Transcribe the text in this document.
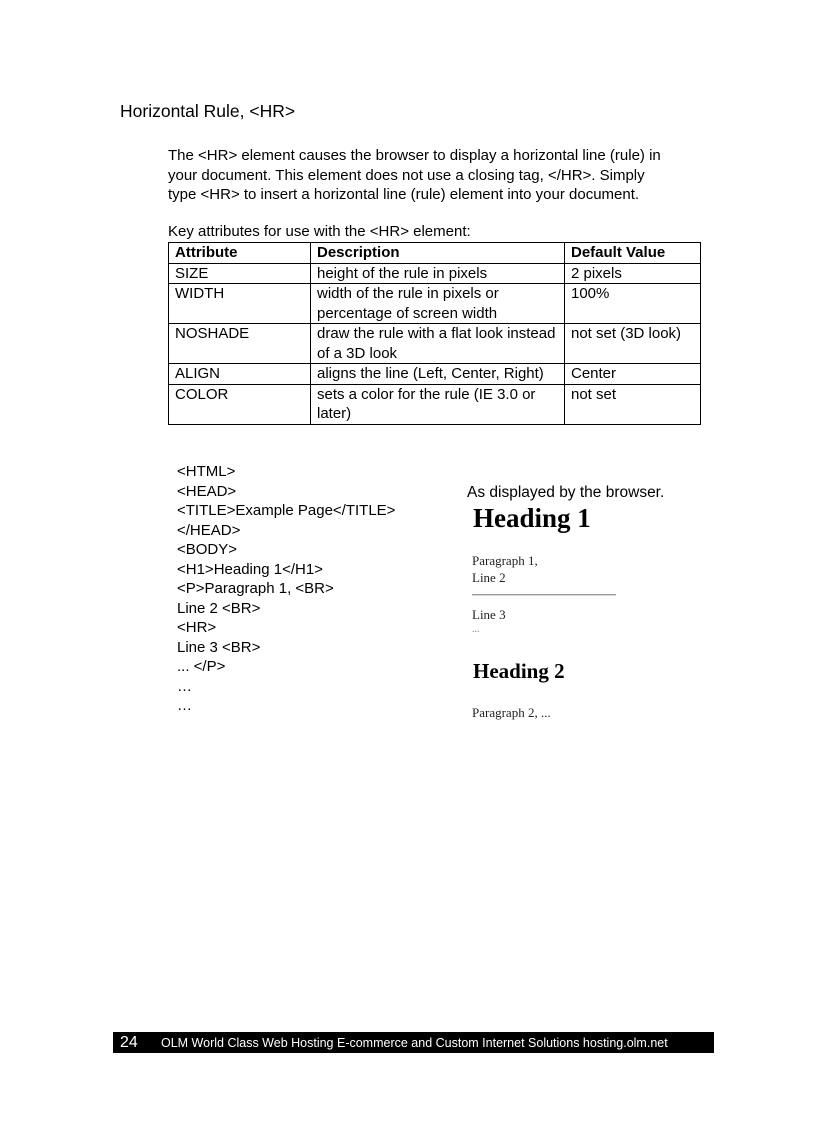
Horizontal Rule, <HR>
The <HR> element causes the browser to display a horizontal line (rule) in
your document. This element does not use a closing tag, </HR>. Simply
type <HR> to insert a horizontal line (rule) element into your document.
Key attributes for use with the <HR> element:
Attribute	Description	Default Value
SIZE	height of the rule in pixels	2 pixels
WIDTH	width of the rule in pixels or percentage of screen width	100%
NOSHADE	draw the rule with a flat look instead of a 3D look	not set (3D look)
ALIGN	aligns the line (Left, Center, Right)	Center
COLOR	sets a color for the rule (IE 3.0 or later)	not set
<HTML>
<HEAD>
<TITLE>Example Page</TITLE>
</HEAD>
<BODY>
<H1>Heading 1</H1>
<P>Paragraph 1, <BR>
Line 2 <BR>
<HR>
Line 3 <BR>
... </P>
…
…
As displayed by the browser.
Heading 1
Paragraph 1,
Line 2
Line 3
...
Heading 2
Paragraph 2, ...
24	OLM World Class Web Hosting E-commerce and Custom Internet Solutions hosting.olm.net
